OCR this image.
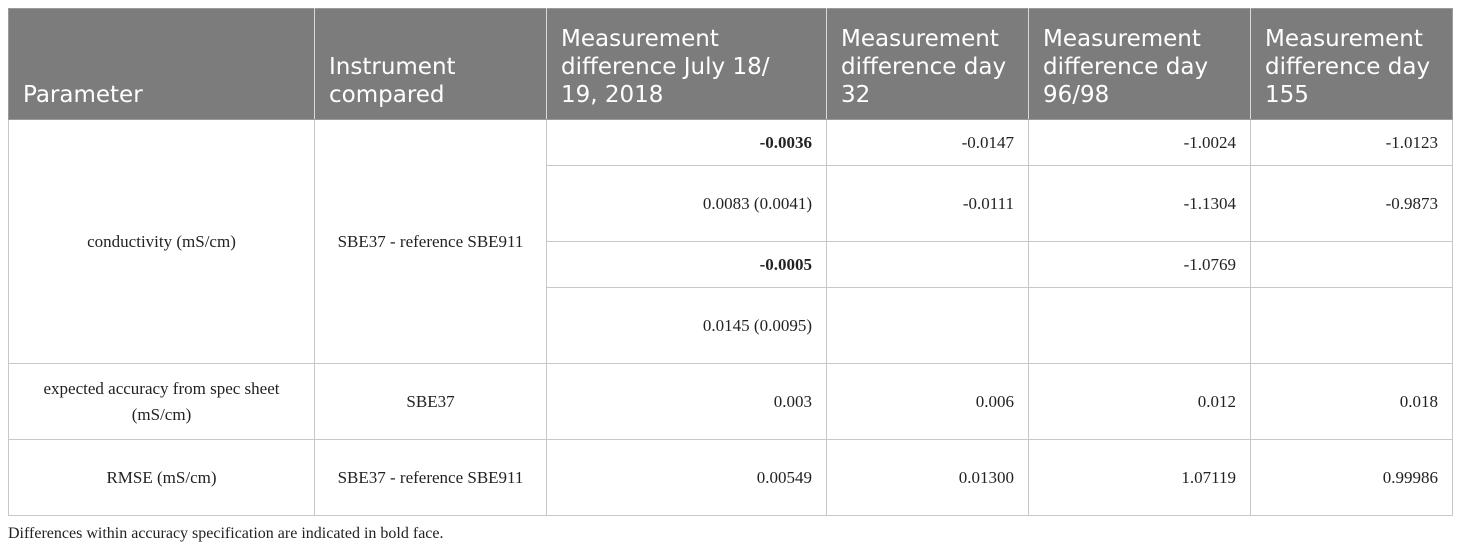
Parameter	Instrument compared	Measurement difference July 18/ 19, 2018	Measurement difference day 32	Measurement difference day 96/98	Measurement difference day 155
conductivity (mS/cm)	SBE37 - reference SBE911	-0.0036	-0.0147	-1.0024	-1.0123
		0.0083 (0.0041)	-0.0111	-1.1304	-0.9873
		-0.0005		-1.0769	
		0.0145 (0.0095)			
expected accuracy from spec sheet (mS/cm)	SBE37	0.003	0.006	0.012	0.018
RMSE (mS/cm)	SBE37 - reference SBE911	0.00549	0.01300	1.07119	0.99986
Differences within accuracy specification are indicated in bold face.
